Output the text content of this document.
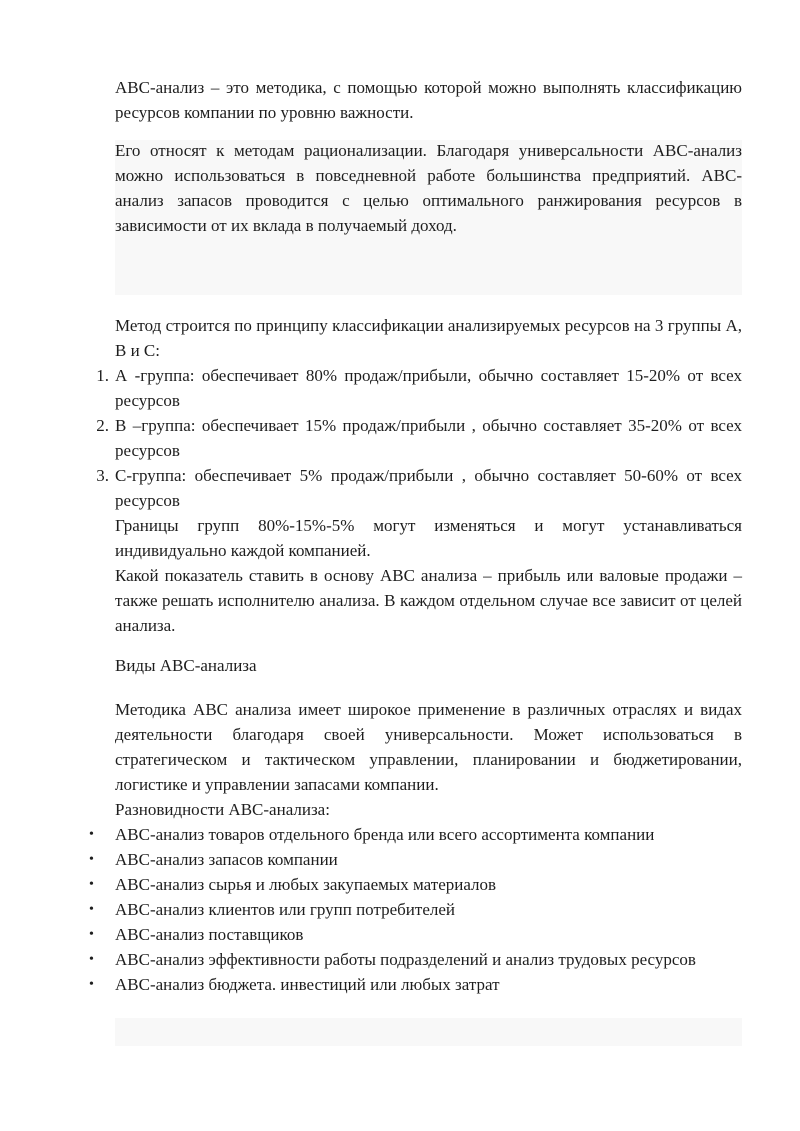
ABC-анализ – это методика, с помощью которой можно выполнять классификацию ресурсов компании по уровню важности.

Его относят к методам рационализации. Благодаря универсальности ABC-анализ можно использоваться в повседневной работе большинства предприятий. ABC-анализ запасов проводится с целью оптимального ранжирования ресурсов в зависимости от их вклада в получаемый доход.

Метод строится по принципу классификации анализируемых ресурсов на 3 группы А, В и С:

1. А -группа: обеспечивает 80% продаж/прибыли, обычно составляет 15-20% от всех ресурсов
2. В –группа: обеспечивает 15% продаж/прибыли , обычно составляет 35-20% от всех ресурсов
3. С-группа: обеспечивает 5% продаж/прибыли , обычно составляет 50-60% от всех ресурсов

Границы групп 80%-15%-5% могут изменяться и могут устанавливаться индивидуально каждой компанией.

Какой показатель ставить в основу ABC анализа – прибыль или валовые продажи – также решать исполнителю анализа. В каждом отдельном случае все зависит от целей анализа.

Виды ABC-анализа

Методика ABC анализа имеет широкое применение в различных отраслях и видах деятельности благодаря своей универсальности. Может использоваться в стратегическом и тактическом управлении, планировании и бюджетировании, логистике и управлении запасами компании.

Разновидности ABC-анализа:

• ABC-анализ товаров отдельного бренда или всего ассортимента компании
• ABC-анализ запасов компании
• ABC-анализ сырья и любых закупаемых материалов
• ABC-анализ клиентов или групп потребителей
• ABC-анализ поставщиков
• ABC-анализ эффективности работы подразделений и анализ трудовых ресурсов
• ABC-анализ бюджета. инвестиций или любых затрат
